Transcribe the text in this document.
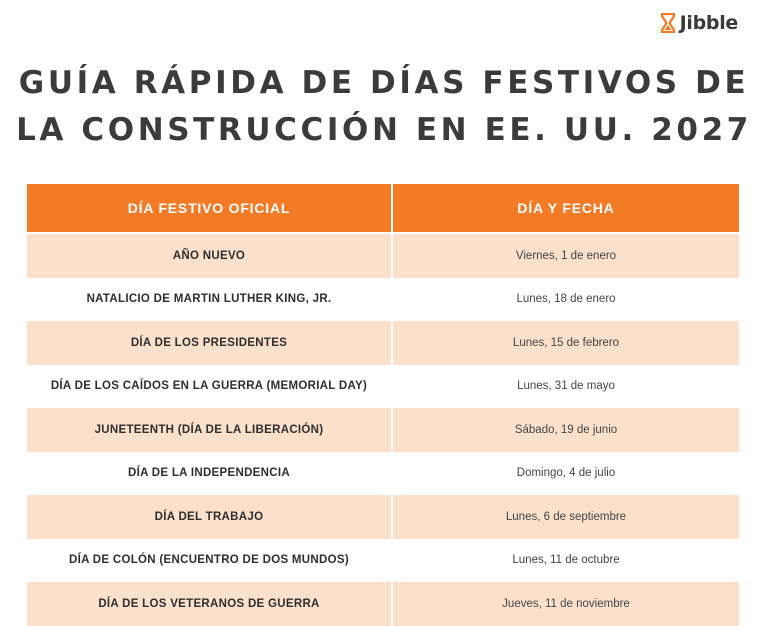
Jibble
GUÍA RÁPIDA DE DÍAS FESTIVOS DE
LA CONSTRUCCIÓN EN EE. UU. 2027
DÍA FESTIVO OFICIAL	DÍA Y FECHA
AÑO NUEVO	Viernes, 1 de enero
NATALICIO DE MARTIN LUTHER KING, JR.	Lunes, 18 de enero
DÍA DE LOS PRESIDENTES	Lunes, 15 de febrero
DÍA DE LOS CAÍDOS EN LA GUERRA (MEMORIAL DAY)	Lunes, 31 de mayo
JUNETEENTH (DÍA DE LA LIBERACIÓN)	Sábado, 19 de junio
DÍA DE LA INDEPENDENCIA	Domingo, 4 de julio
DÍA DEL TRABAJO	Lunes, 6 de septiembre
DÍA DE COLÓN (ENCUENTRO DE DOS MUNDOS)	Lunes, 11 de octubre
DÍA DE LOS VETERANOS DE GUERRA	Jueves, 11 de noviembre
